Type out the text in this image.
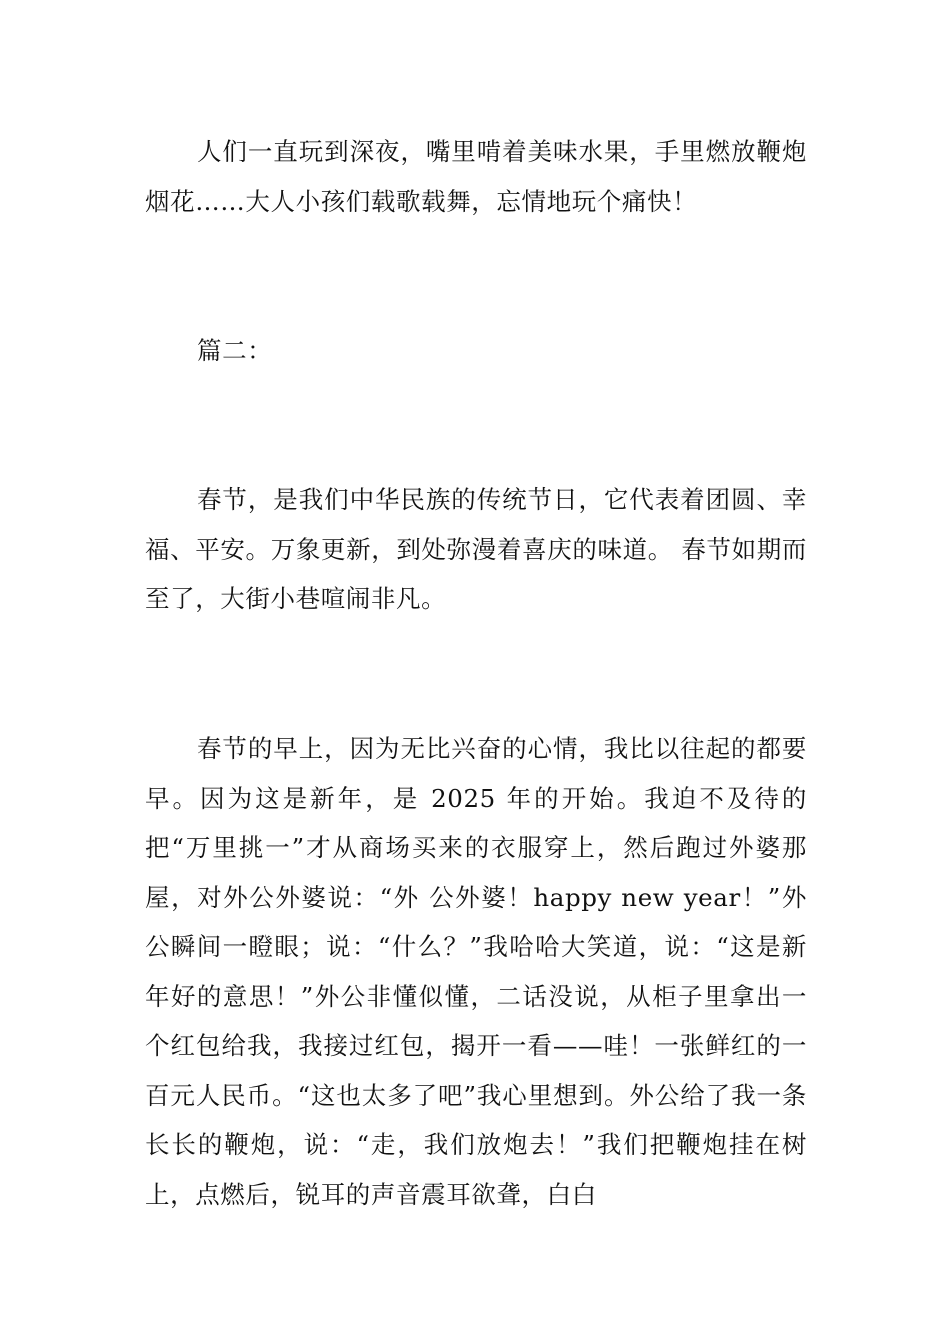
人们一直玩到深夜，嘴里啃着美味水果，手里燃放鞭炮烟花……大人小孩们载歌载舞，忘情地玩个痛快！

篇二：

春节，是我们中华民族的传统节日，它代表着团圆、幸福、平安。万象更新，到处弥漫着喜庆的味道。 春节如期而至了，大街小巷喧闹非凡。

春节的早上，因为无比兴奋的心情，我比以往起的都要早。因为这是新年，是 2025 年的开始。我迫不及待的把“万里挑一”才从商场买来的衣服穿上，然后跑过外婆那屋，对外公外婆说：“外 公外婆！happy new year！”外公瞬间一瞪眼；说：“什么？”我哈哈大笑道，说：“这是新年好的意思！”外公非懂似懂，二话没说，从柜子里拿出一个红包给我，我接过红包，揭开一看——哇！一张鲜红的一百元人民币。“这也太多了吧”我心里想到。外公给了我一条长长的鞭炮，说：“走，我们放炮去！”我们把鞭炮挂在树上，点燃后，锐耳的声音震耳欲聋，白白
